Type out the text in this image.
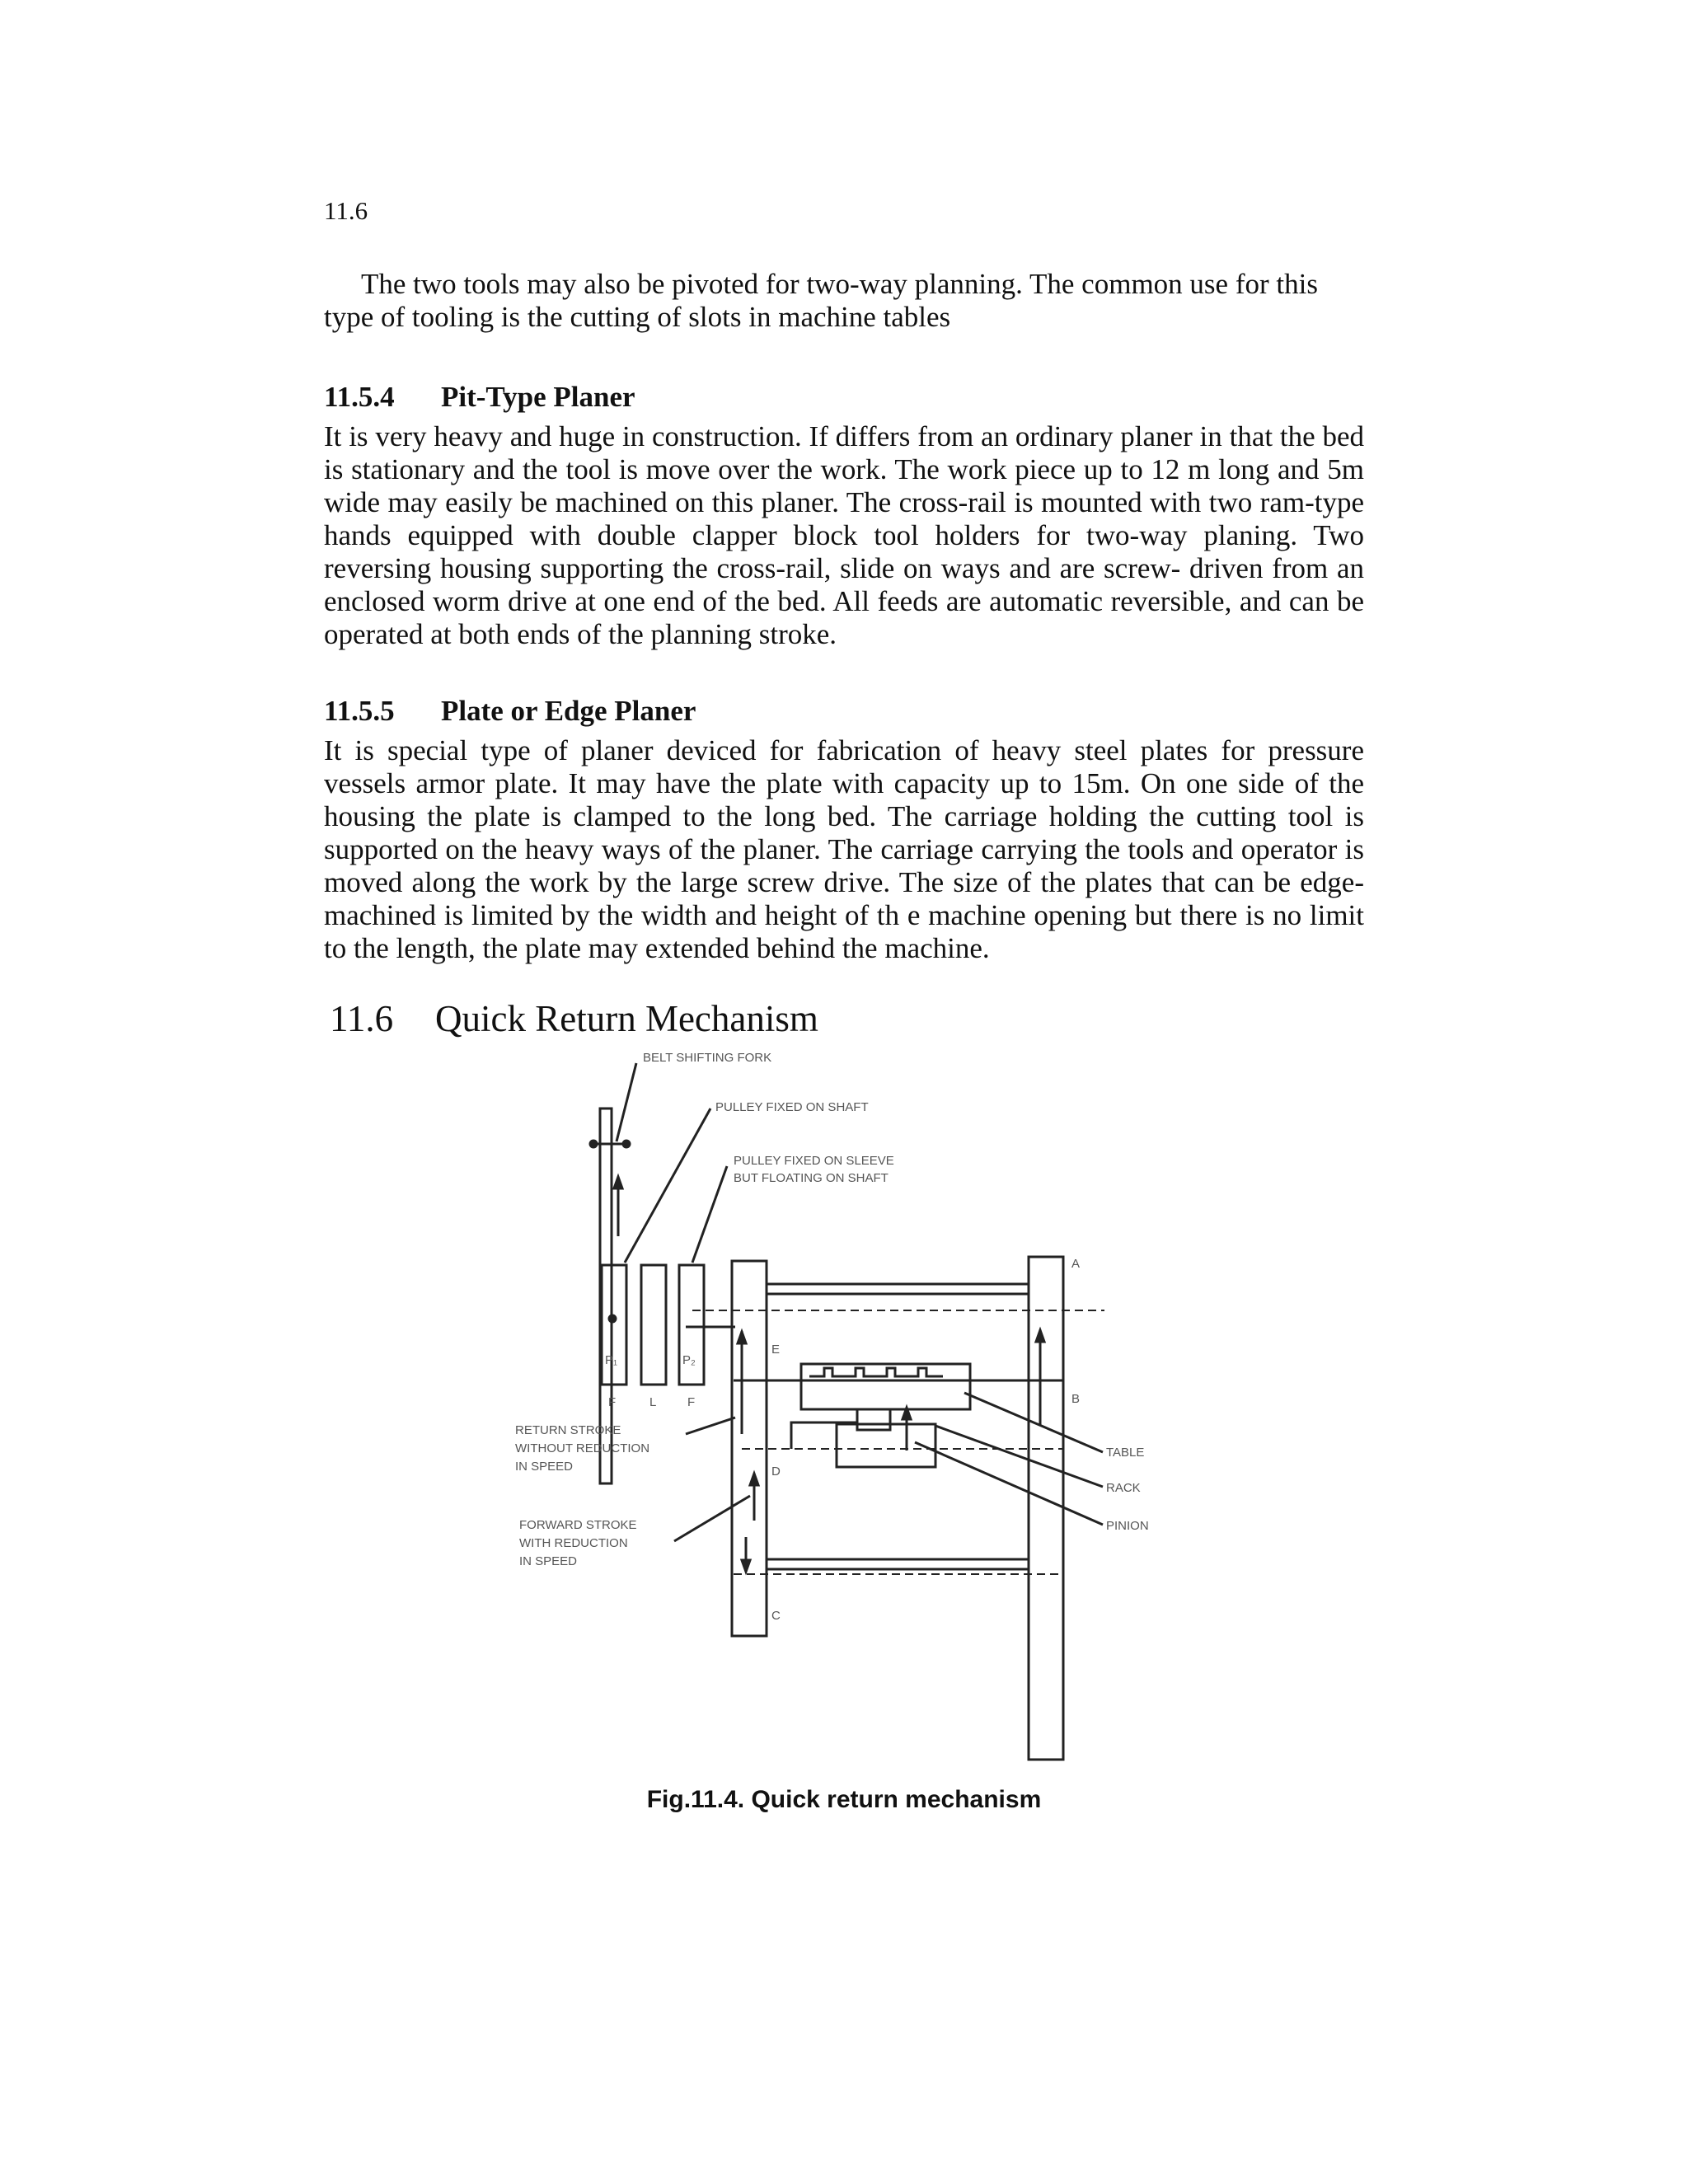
11.6

The two tools may also be pivoted for two-way planning. The common use for this type of tooling is the cutting of slots in machine tables

11.5.4 Pit-Type Planer

It is very heavy and huge in construction. If differs from an ordinary planer in that the bed is stationary and the tool is move over the work. The work piece up to 12 m long and 5m wide may easily be machined on this planer. The cross-rail is mounted with two ram-type hands equipped with double clapper block tool holders for two-way planing. Two reversing housing supporting the cross-rail, slide on ways and are screw- driven from an enclosed worm drive at one end of the bed. All feeds are automatic reversible, and can be operated at both ends of the planning stroke.

11.5.5 Plate or Edge Planer

It is special type of planer deviced for fabrication of heavy steel plates for pressure vessels armor plate. It may have the plate with capacity up to 15m. On one side of the housing the plate is clamped to the long bed. The carriage holding the cutting tool is supported on the heavy ways of the planer. The carriage carrying the tools and operator is moved along the work by the large screw drive. The size of the plates that can be edge-machined is limited by the width and height of th e machine opening but there is no limit to the length, the plate may extended behind the machine.

11.6 Quick Return Mechanism
BELT SHIFTING FORK
PULLEY FIXED ON SHAFT
PULLEY FIXED ON SLEEVE
BUT FLOATING ON SHAFT
P₁	P₂
F	L	F
A
B
C
D
E
TABLE
RACK
PINION
RETURN STROKE
WITHOUT REDUCTION
IN SPEED
FORWARD STROKE
WITH REDUCTION
IN SPEED
Fig.11.4. Quick return mechanism
